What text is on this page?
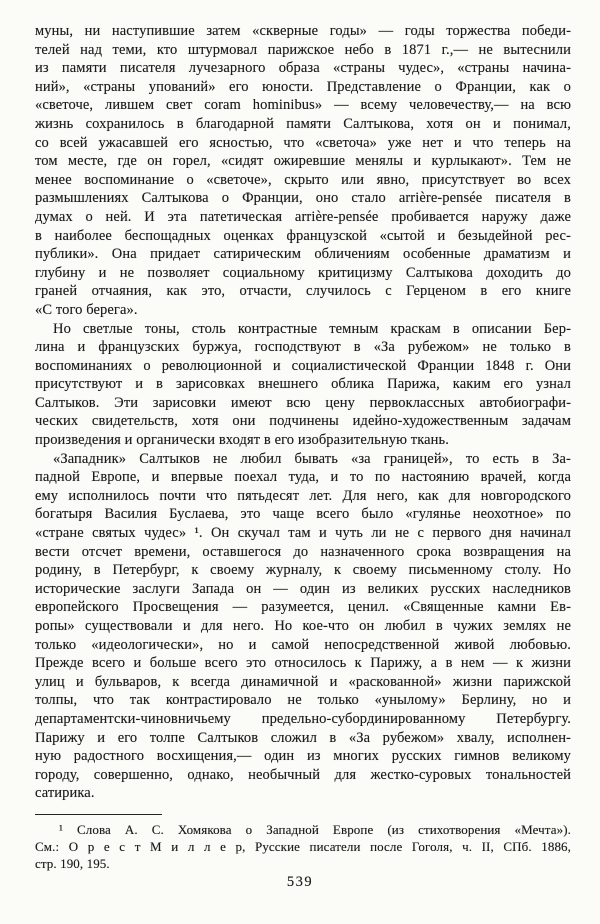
муны, ни наступившие затем «скверные годы» — годы торжества победи-
телей над теми, кто штурмовал парижское небо в 1871 г.,— не вытеснили
из памяти писателя лучезарного образа «страны чудес», «страны начина-
ний», «страны упований» его юности. Представление о Франции, как о
«светоче, лившем свет coram hominibus» — всему человечеству,— на всю
жизнь сохранилось в благодарной памяти Салтыкова, хотя он и понимал,
со всей ужасавшей его ясностью, что «светоча» уже нет и что теперь на
том месте, где он горел, «сидят ожиревшие менялы и курлыкают». Тем не
менее воспоминание о «светоче», скрыто или явно, присутствует во всех
размышлениях Салтыкова о Франции, оно стало arrière-pensée писателя в
думах о ней. И эта патетическая arrière-pensée пробивается наружу даже
в наиболее беспощадных оценках французской «сытой и безыдейной рес-
публики». Она придает сатирическим обличениям особенные драматизм и
глубину и не позволяет социальному критицизму Салтыкова доходить до
граней отчаяния, как это, отчасти, случилось с Герценом в его книге
«С того берега».
Но светлые тоны, столь контрастные темным краскам в описании Бер-
лина и французских буржуа, господствуют в «За рубежом» не только в
воспоминаниях о революционной и социалистической Франции 1848 г. Они
присутствуют и в зарисовках внешнего облика Парижа, каким его узнал
Салтыков. Эти зарисовки имеют всю цену первоклассных автобиографи-
ческих свидетельств, хотя они подчинены идейно-художественным задачам
произведения и органически входят в его изобразительную ткань.
«Западник» Салтыков не любил бывать «за границей», то есть в За-
падной Европе, и впервые поехал туда, и то по настоянию врачей, когда
ему исполнилось почти что пятьдесят лет. Для него, как для новгородского
богатыря Василия Буслаева, это чаще всего было «гулянье неохотное» по
«стране святых чудес» ¹. Он скучал там и чуть ли не с первого дня начинал
вести отсчет времени, оставшегося до назначенного срока возвращения на
родину, в Петербург, к своему журналу, к своему письменному столу. Но
исторические заслуги Запада он — один из великих русских наследников
европейского Просвещения — разумеется, ценил. «Священные камни Ев-
ропы» существовали и для него. Но кое-что он любил в чужих землях не
только «идеологически», но и самой непосредственной живой любовью.
Прежде всего и больше всего это относилось к Парижу, а в нем — к жизни
улиц и бульваров, к всегда динамичной и «раскованной» жизни парижской
толпы, что так контрастировало не только «унылому» Берлину, но и
департаментски-чиновничьему предельно-субординированному Петербургу.
Парижу и его толпе Салтыков сложил в «За рубежом» хвалу, исполнен-
ную радостного восхищения,— один из многих русских гимнов великому
городу, совершенно, однако, необычный для жестко-суровых тональностей
сатирика.
¹ Слова А. С. Хомякова о Западной Европе (из стихотворения «Мечта»).
См.: О р е с т М и л л е р, Русские писатели после Гоголя, ч. II, СПб. 1886,
стр. 190, 195.
539
